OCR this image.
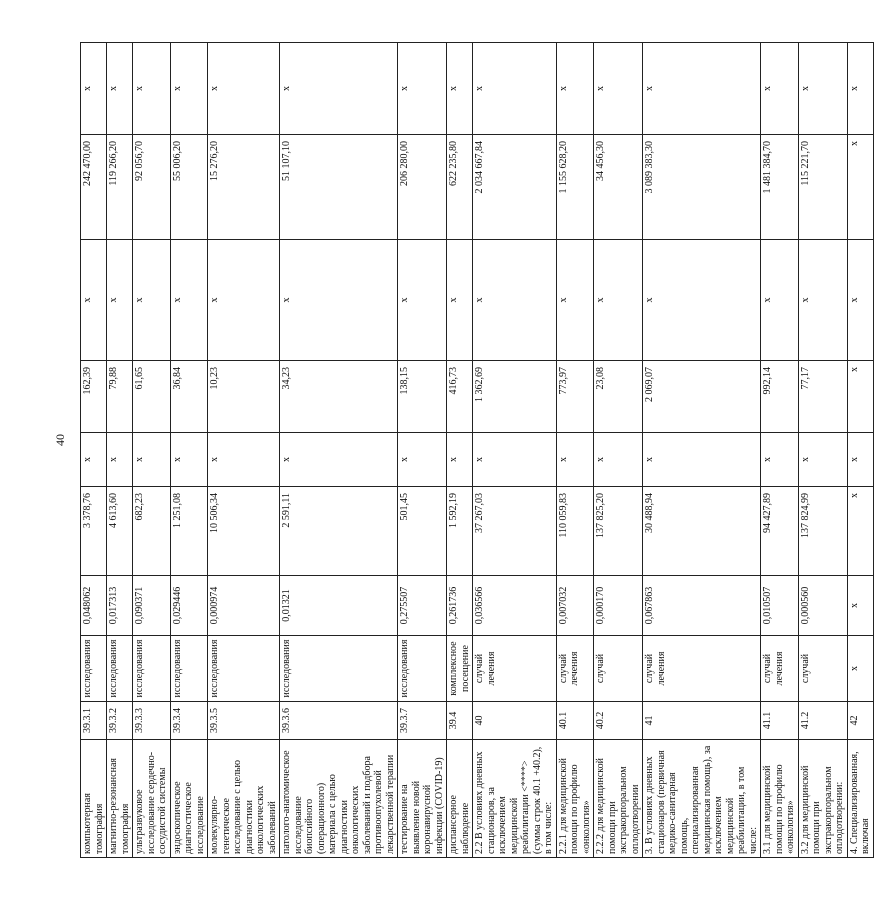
40
компьютерная томография	39.3.1	исследования	0,048062	3 378,76	х	162,39	х	242 470,00	х
магнитно-резонансная томография	39.3.2	исследования	0,017313	4 613,60	х	79,88	х	119 266,20	х
ультразвуковое исследование сердечно-сосудистой системы	39.3.3	исследования	0,090371	682,23	х	61,65	х	92 056,70	х
эндоскопическое диагностическое исследование	39.3.4	исследования	0,029446	1 251,08	х	36,84	х	55 006,20	х
молекулярно-генетическое исследование с целью диагностики онкологических заболеваний	39.3.5	исследования	0,000974	10 506,34	х	10,23	х	15 276,20	х
патолого-анатомическое исследование биопсийного (операционного) материала с целью диагностики онкологических заболеваний и подбора противоопухолевой лекарственной терапии	39.3.6	исследования	0,01321	2 591,11	х	34,23	х	51 107,10	х
тестирование на выявление новой коронавирусной инфекции (COVID-19)	39.3.7	исследования	0,275507	501,45	х	138,15	х	206 280,00	х
диспансерное наблюдение	39.4	комплексное посещение	0,261736	1 592,19	х	416,73	х	622 235,80	х
2.2 В условиях дневных стационаров, за исключением медицинской реабилитации <****> (сумма строк 40.1 +40.2), в том числе:	40	случай лечения	0,036566	37 267,03	х	1 362,69	х	2 034 667,84	х
2.2.1 для медицинской помощи по профилю «онкология»	40.1	случай лечения	0,007032	110 059,83	х	773,97	х	1 155 628,20	х
2.2.2 для медицинской помощи при экстракорпоральном оплодотворении	40.2	случай	0,000170	137 825,20	х	23,08	х	34 456,30	х
3. В условиях дневных стационаров (первичная медико-санитарная помощь, специализированная медицинская помощь), за исключением медицинской реабилитации, в том числе:	41	случай лечения	0,067863	30 488,94	х	2 069,07	х	3 089 383,30	х
3.1 для медицинской помощи по профилю «онкология»	41.1	случай лечения	0,010507	94 427,89	х	992,14	х	1 481 384,70	х
3.2 для медицинской помощи при экстракорпоральном оплодотворении:	41.2	случай	0,000560	137 824,99	х	77,17	х	115 221,70	х
4. Специализированная, включая	42	х	х	х	х	х	х	х	х
